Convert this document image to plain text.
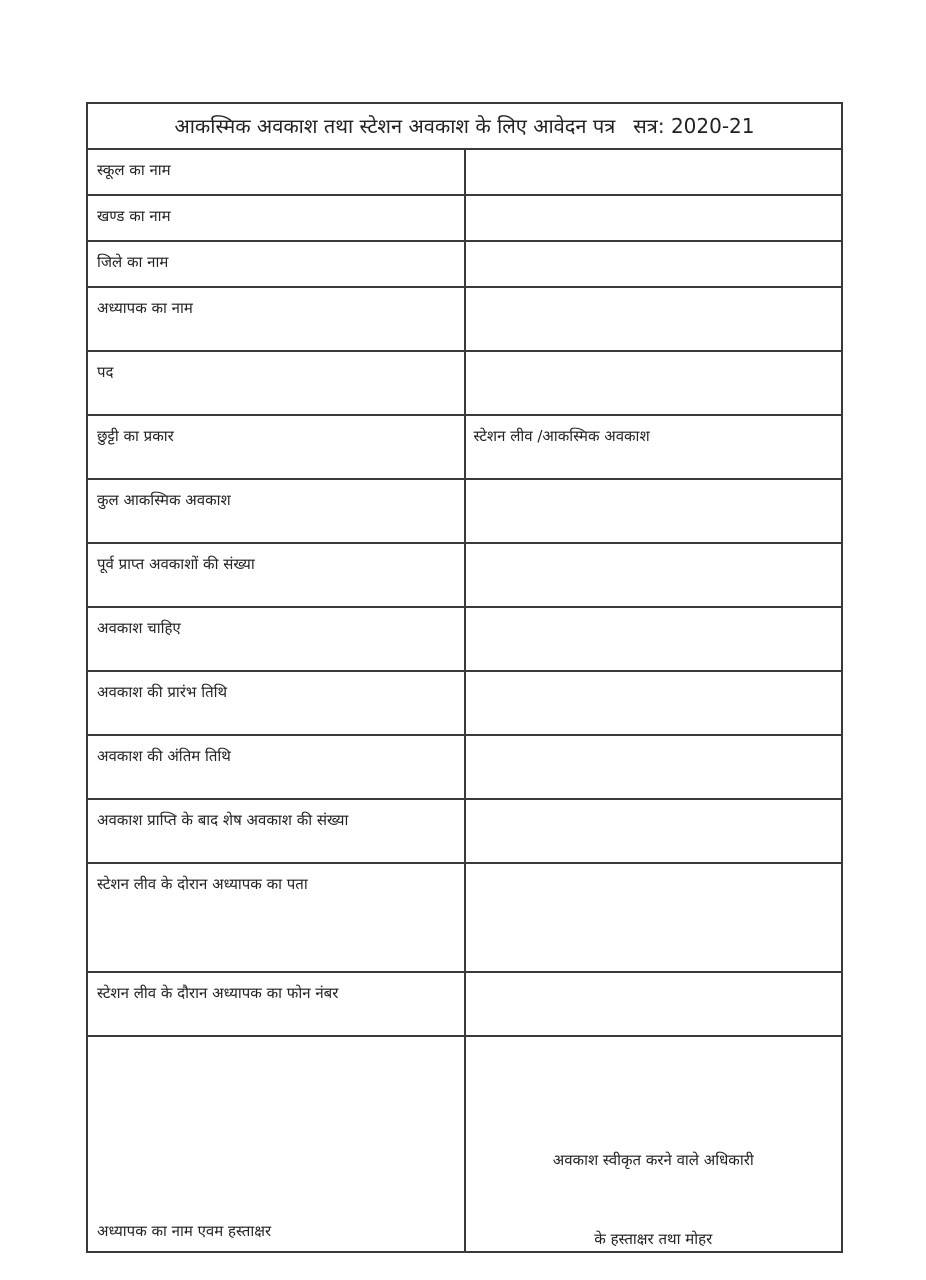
आकस्मिक अवकाश तथा स्टेशन अवकाश के लिए आवेदन पत्र सत्र: 2020-21	

स्कूल का नाम	

खण्ड का नाम	

जिले का नाम	

अध्यापक का नाम	

पद	

छुट्टी का प्रकार	स्टेशन लीव /आकस्मिक अवकाश

कुल आकस्मिक अवकाश	

पूर्व प्राप्त अवकाशों की संख्या	

अवकाश चाहिए	

अवकाश की प्रारंभ तिथि	

अवकाश की अंतिम तिथि	

अवकाश प्राप्ति के बाद शेष अवकाश की संख्या	

स्टेशन लीव के दोरान अध्यापक का पता	

स्टेशन लीव के दौरान अध्यापक का फोन नंबर	

अध्यापक का नाम एवम हस्ताक्षर	अवकाश स्वीकृत करने वाले अधिकारी
के हस्ताक्षर तथा मोहर
